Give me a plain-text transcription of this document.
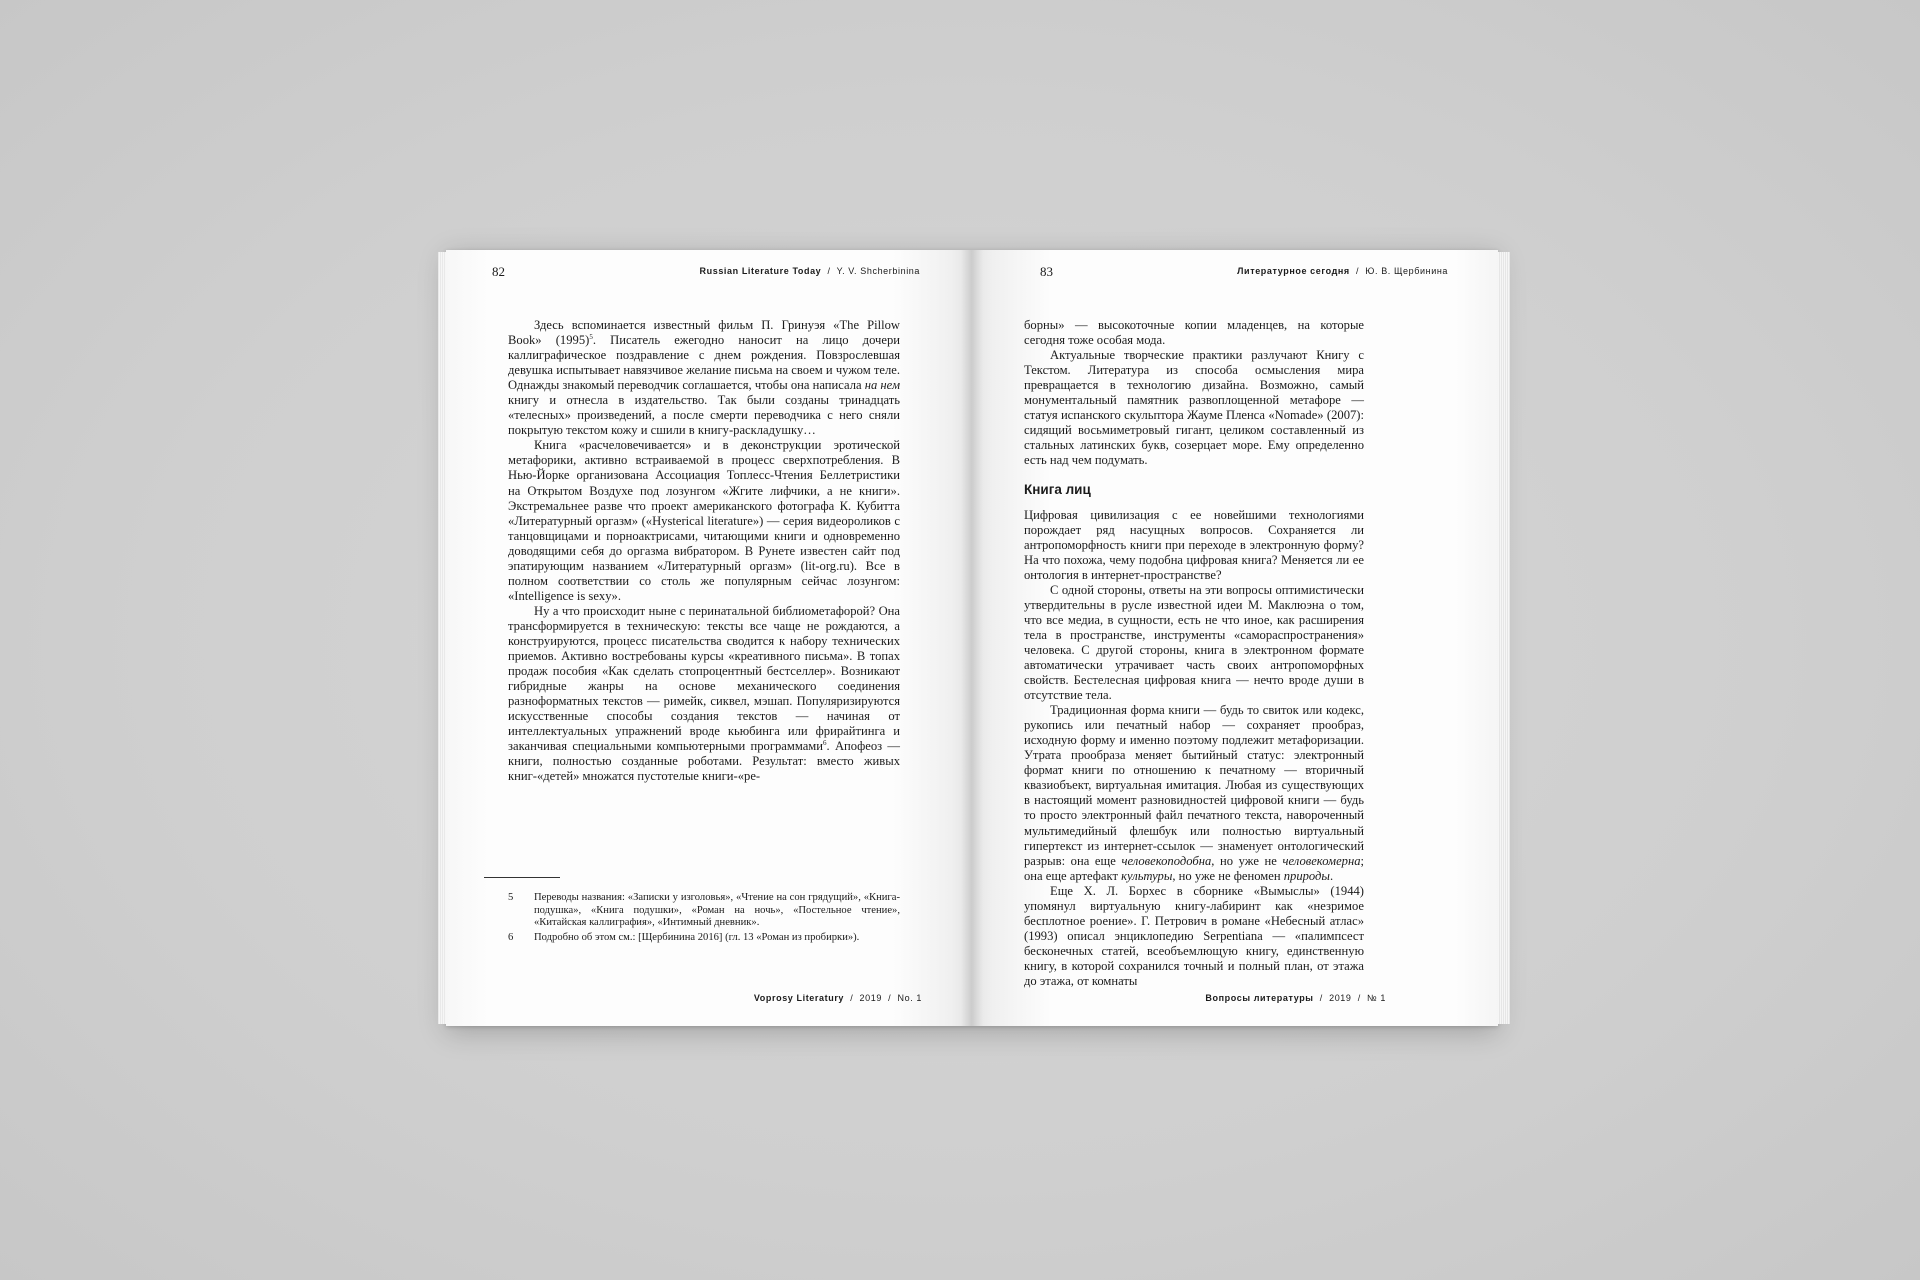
82	Russian Literature Today / Y. V. Shcherbinina

Здесь вспоминается известный фильм П. Гринуэя «The Pillow Book» $(1995)^5$. Писатель ежегодно наносит на лицо дочери каллиграфическое поздравление с днем рождения. Повзрослевшая девушка испытывает навязчивое желание письма на своем и чужом теле. Однажды знакомый переводчик соглашается, чтобы она написала на нем книгу и отнесла в издательство. Так были созданы тринадцать «телесных» произведений, а после смерти переводчика с него сняли покрытую текстом кожу и сшили в книгу-раскладушку…

Книга «расчеловечивается» и в деконструкции эротической метафорики, активно встраиваемой в процесс сверхпотребления. В Нью-Йорке организована Ассоциация Топлесс-Чтения Беллетристики на Открытом Воздухе под лозунгом «Жгите лифчики, а не книги». Экстремальнее разве что проект американского фотографа К. Кубитта «Литературный оргазм» («Hysterical literature») — серия видеороликов с танцовщицами и порноактрисами, читающими книги и одновременно доводящими себя до оргазма вибратором. В Рунете известен сайт под эпатирующим названием «Литературный оргазм» (lit-org.ru). Все в полном соответствии со столь же популярным сейчас лозунгом: «Intelligence is sexy».

Ну а что происходит ныне с перинатальной библиометафорой? Она трансформируется в техническую: тексты все чаще не рождаются, а конструируются, процесс писательства сводится к набору технических приемов. Активно востребованы курсы «креативного письма». В топах продаж пособия «Как сделать стопроцентный бестселлер». Возникают гибридные жанры на основе механического соединения разноформатных текстов — римейк, сиквел, мэшап. Популяризируются искусственные способы создания текстов — начиная от интеллектуальных упражнений вроде кьюбинга или фрирайтинга и заканчивая специальными компьютерными программами$^6$. Апофеоз — книги, полностью созданные роботами. Результат: вместо живых книг-«детей» множатся пустотелые книги-«ре-

5 Переводы названия: «Записки у изголовья», «Чтение на сон грядущий», «Книга-подушка», «Книга подушки», «Роман на ночь», «Постельное чтение», «Китайская каллиграфия», «Интимный дневник».
6 Подробно об этом см.: [Щербинина 2016] (гл. 13 «Роман из пробирки»).
Voprosy Literatury / 2019 / No. 1
83	Литературное сегодня / Ю. В. Щербинина

борны» — высокоточные копии младенцев, на которые сегодня тоже особая мода.

Актуальные творческие практики разлучают Книгу с Текстом. Литература из способа осмысления мира превращается в технологию дизайна. Возможно, самый монументальный памятник развоплощенной метафоре — статуя испанского скульптора Жауме Пленса «Nomade» (2007): сидящий восьмиметровый гигант, целиком составленный из стальных латинских букв, созерцает море. Ему определенно есть над чем подумать.

Книга лиц

Цифровая цивилизация с ее новейшими технологиями порождает ряд насущных вопросов. Сохраняется ли антропоморфность книги при переходе в электронную форму? На что похожа, чему подобна цифровая книга? Меняется ли ее онтология в интернет-пространстве?

С одной стороны, ответы на эти вопросы оптимистически утвердительны в русле известной идеи М. Маклюэна о том, что все медиа, в сущности, есть не что иное, как расширения тела в пространстве, инструменты «самораспространения» человека. С другой стороны, книга в электронном формате автоматически утрачивает часть своих антропоморфных свойств. Бестелесная цифровая книга — нечто вроде души в отсутствие тела.

Традиционная форма книги — будь то свиток или кодекс, рукопись или печатный набор — сохраняет прообраз, исходную форму и именно поэтому подлежит метафоризации. Утрата прообраза меняет бытийный статус: электронный формат книги по отношению к печатному — вторичный квазиобъект, виртуальная имитация. Любая из существующих в настоящий момент разновидностей цифровой книги — будь то просто электронный файл печатного текста, навороченный мультимедийный флешбук или полностью виртуальный гипертекст из интернет-ссылок — знаменует онтологический разрыв: она еще человекоподобна, но уже не человекомерна; она еще артефакт культуры, но уже не феномен природы.

Еще Х. Л. Борхес в сборнике «Вымыслы» (1944) упомянул виртуальную книгу-лабиринт как «незримое бесплотное роение». Г. Петрович в романе «Небесный атлас» (1993) описал энциклопедию Serpentiana — «палимпсест бесконечных статей, всеобъемлющую книгу, единственную книгу, в которой сохранился точный и полный план, от этажа до этажа, от комнаты

Вопросы литературы / 2019 / № 1
